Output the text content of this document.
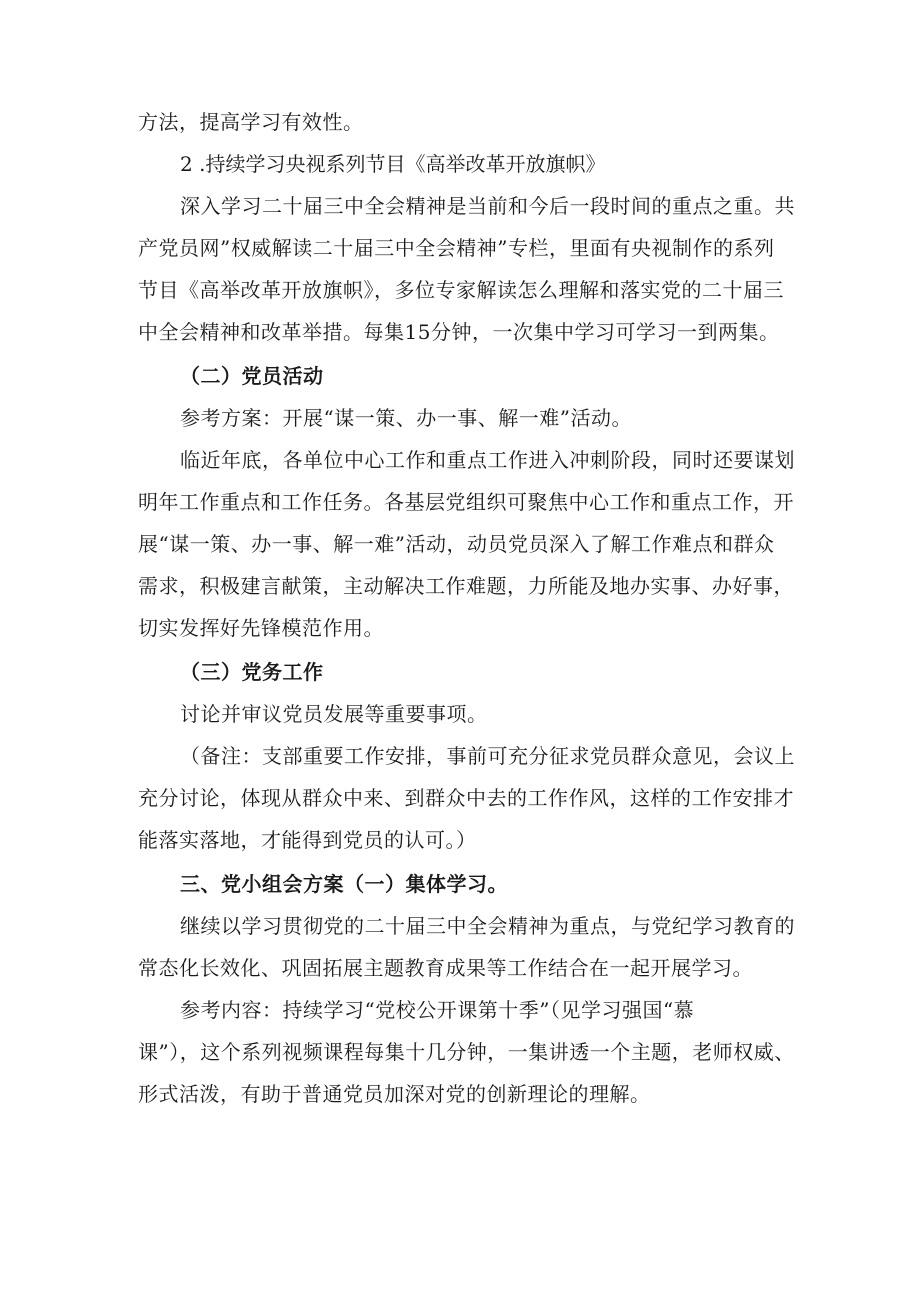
方法，提高学习有效性。
2 .持续学习央视系列节目《高举改革开放旗帜》
深入学习二十届三中全会精神是当前和今后一段时间的重点之重。共
产党员网”权威解读二十届三中全会精神”专栏，里面有央视制作的系列
节目《高举改革开放旗帜》，多位专家解读怎么理解和落实党的二十届三
中全会精神和改革举措。每集15分钟，一次集中学习可学习一到两集。
（二）党员活动
参考方案：开展“谋一策、办一事、解一难”活动。
临近年底，各单位中心工作和重点工作进入冲刺阶段，同时还要谋划
明年工作重点和工作任务。各基层党组织可聚焦中心工作和重点工作，开
展“谋一策、办一事、解一难”活动，动员党员深入了解工作难点和群众
需求，积极建言献策，主动解决工作难题，力所能及地办实事、办好事，
切实发挥好先锋模范作用。
（三）党务工作
讨论并审议党员发展等重要事项。
（备注：支部重要工作安排，事前可充分征求党员群众意见，会议上
充分讨论，体现从群众中来、到群众中去的工作作风，这样的工作安排才
能落实落地，才能得到党员的认可。）
三、党小组会方案（一）集体学习。
继续以学习贯彻党的二十届三中全会精神为重点，与党纪学习教育的
常态化长效化、巩固拓展主题教育成果等工作结合在一起开展学习。
参考内容：持续学习“党校公开课第十季”（见学习强国“慕
课”），这个系列视频课程每集十几分钟，一集讲透一个主题，老师权威、
形式活泼，有助于普通党员加深对党的创新理论的理解。
